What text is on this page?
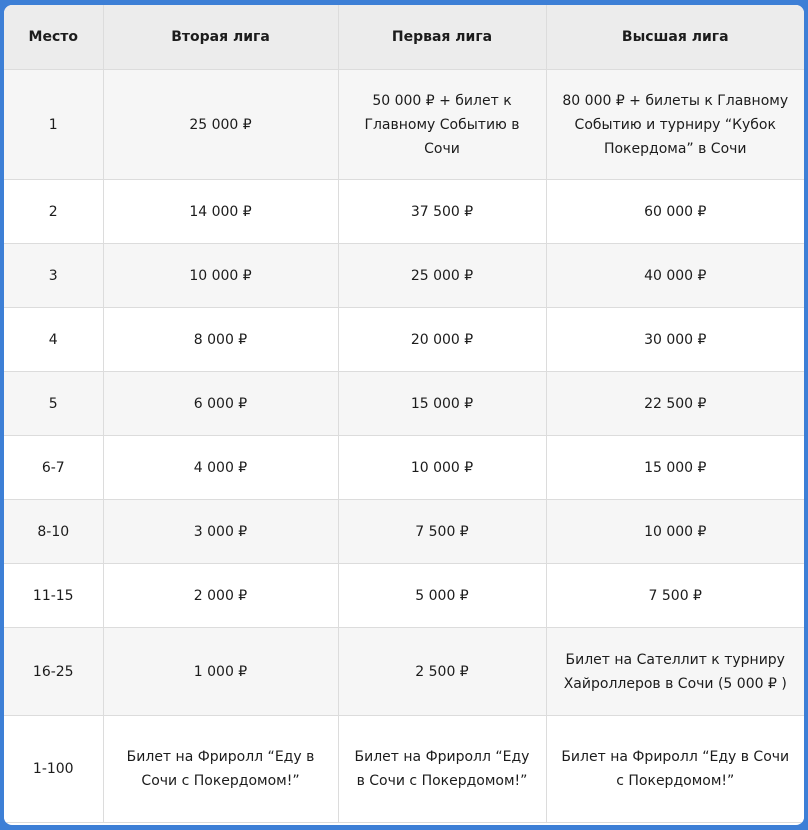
Место	Вторая лига	Первая лига	Высшая лига
1	25 000 ₽	50 000 ₽ + билет к Главному Событию в Сочи	80 000 ₽ + билеты к Главному Событию и турниру “Кубок Покердома” в Сочи
2	14 000 ₽	37 500 ₽	60 000 ₽
3	10 000 ₽	25 000 ₽	40 000 ₽
4	8 000 ₽	20 000 ₽	30 000 ₽
5	6 000 ₽	15 000 ₽	22 500 ₽
6-7	4 000 ₽	10 000 ₽	15 000 ₽
8-10	3 000 ₽	7 500 ₽	10 000 ₽
11-15	2 000 ₽	5 000 ₽	7 500 ₽
16-25	1 000 ₽	2 500 ₽	Билет на Сателлит к турниру Хайроллеров в Сочи (5 000 ₽ )
1-100	Билет на Фриролл “Еду в Сочи с Покердомом!”	Билет на Фриролл “Еду в Сочи с Покердомом!”	Билет на Фриролл “Еду в Сочи с Покердомом!”
